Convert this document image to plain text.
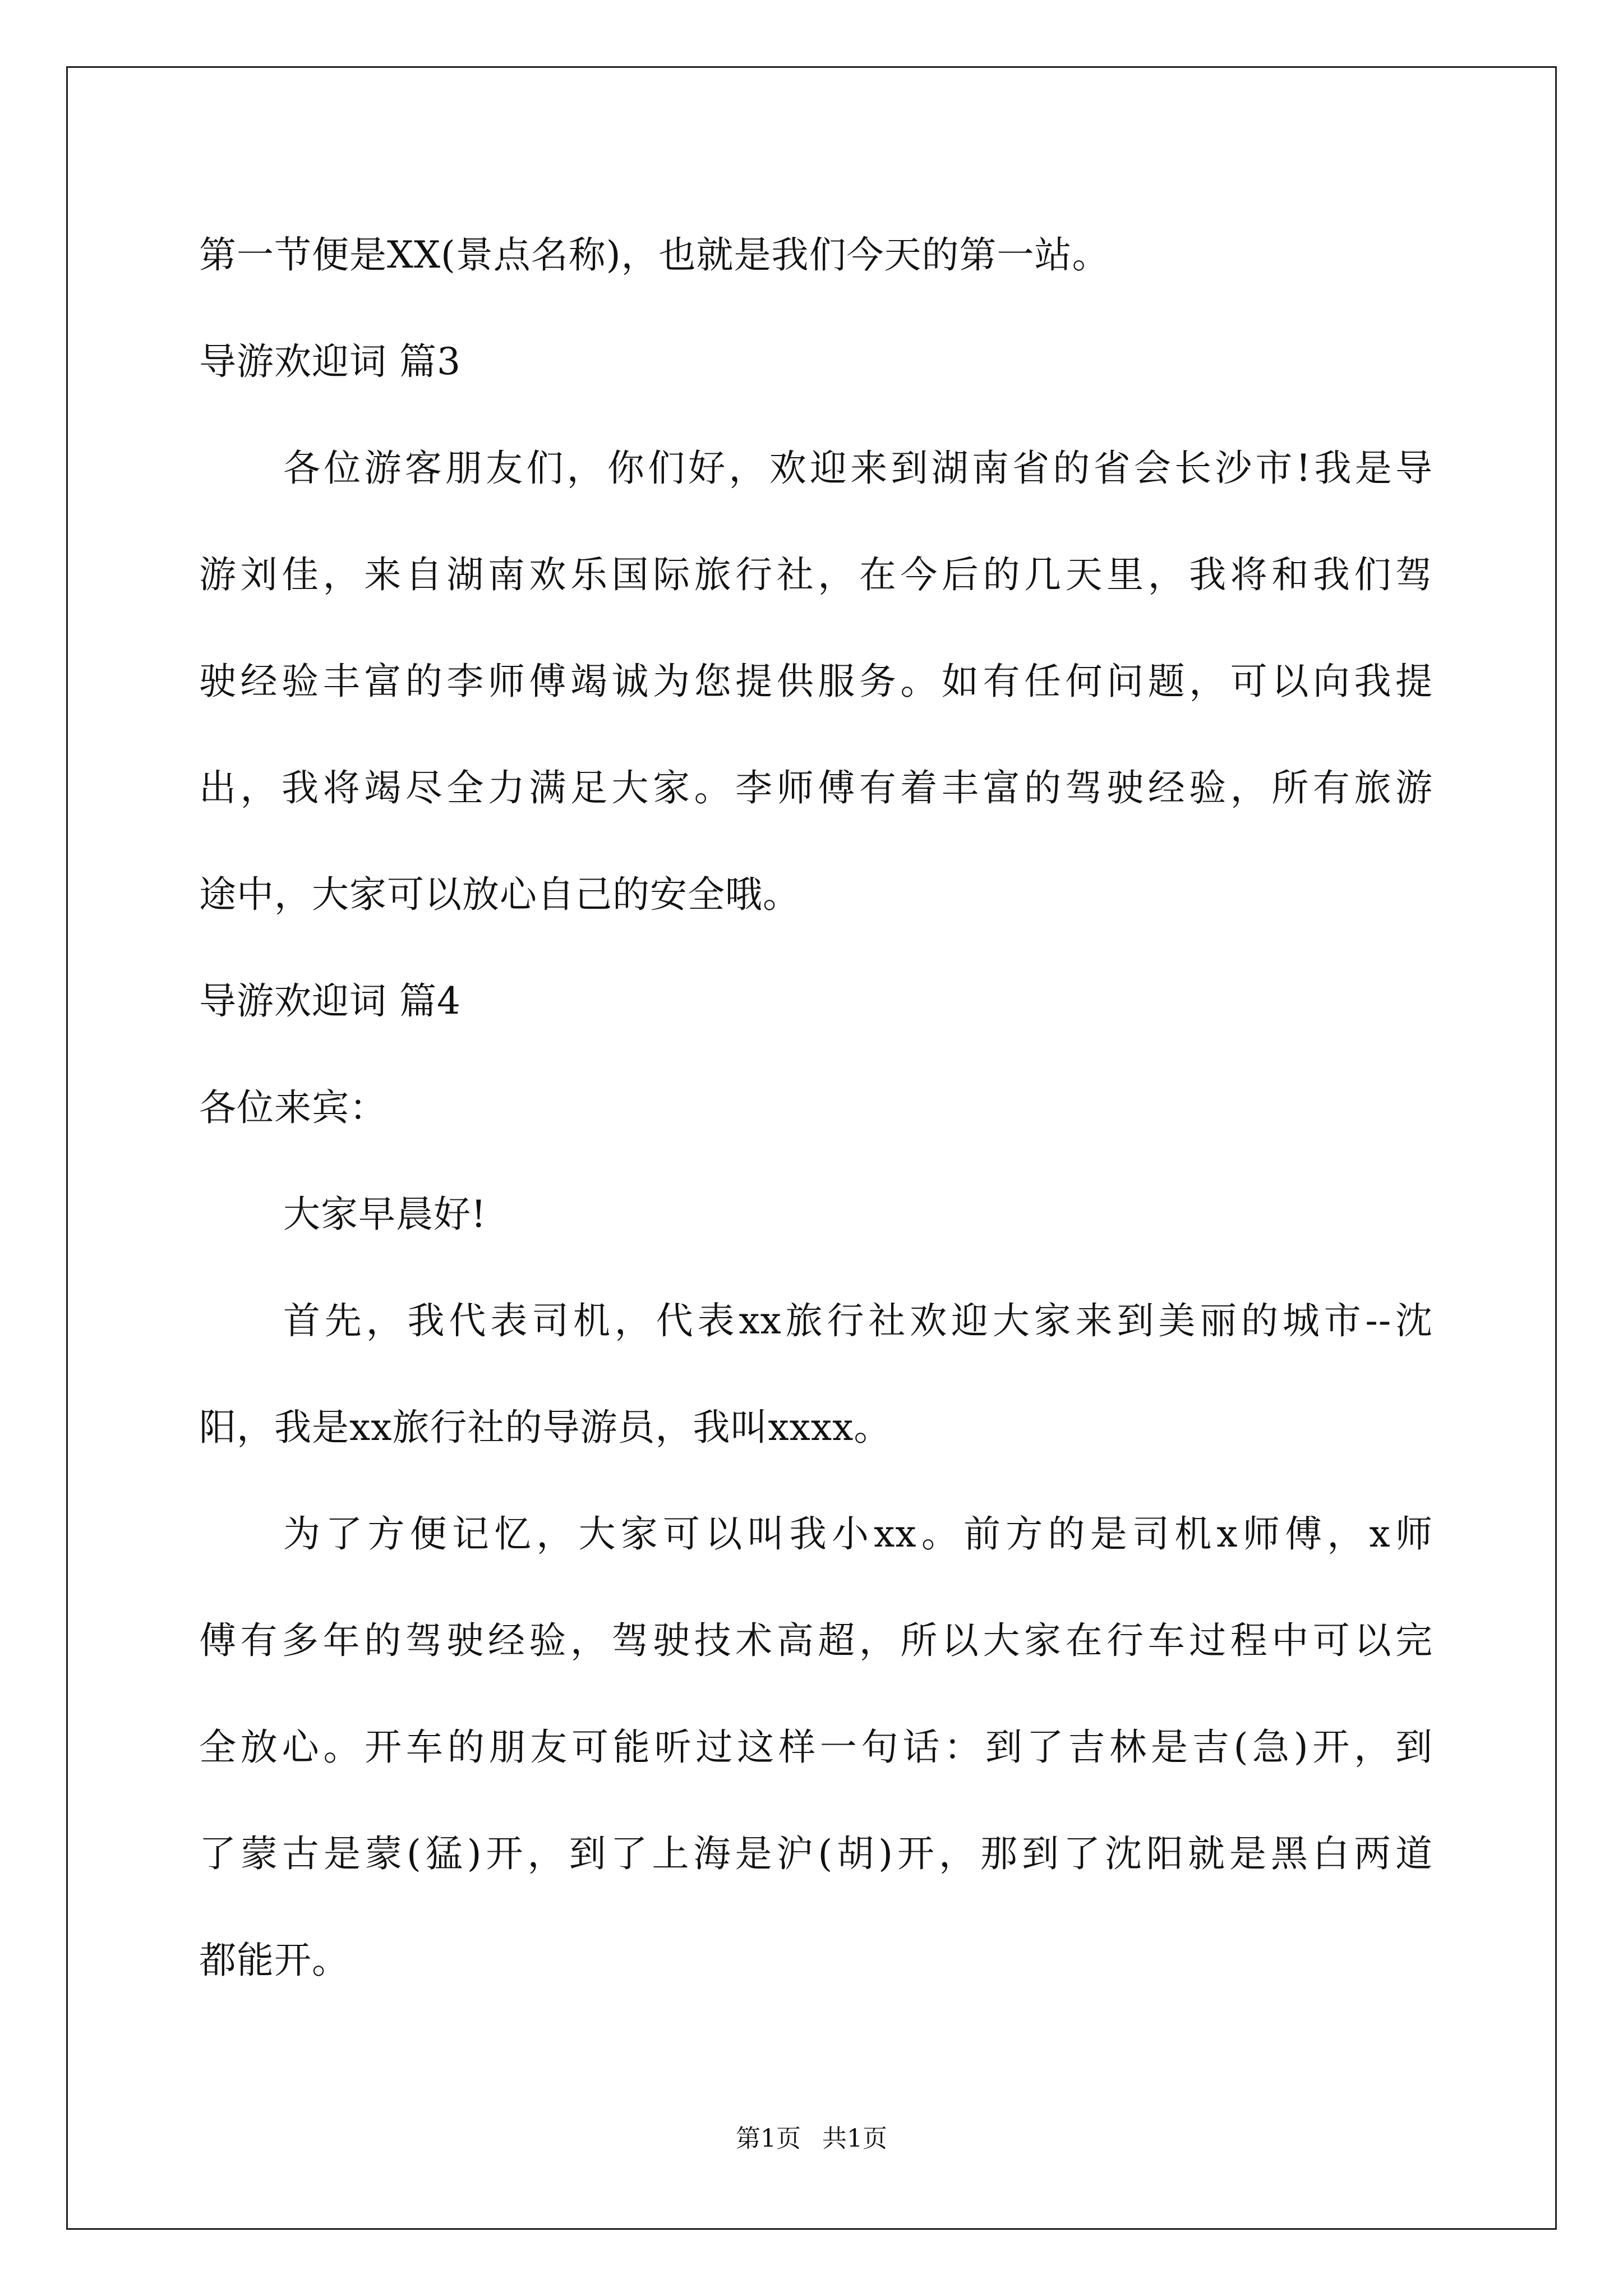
第一节便是XX(景点名称)，也就是我们今天的第一站。
导游欢迎词 篇3
各位游客朋友们，你们好，欢迎来到湖南省的省会长沙市!我是导
游刘佳，来自湖南欢乐国际旅行社，在今后的几天里，我将和我们驾
驶经验丰富的李师傅竭诚为您提供服务。如有任何问题，可以向我提
出，我将竭尽全力满足大家。李师傅有着丰富的驾驶经验，所有旅游
途中，大家可以放心自己的安全哦。
导游欢迎词 篇4
各位来宾：
大家早晨好!
首先，我代表司机，代表xx旅行社欢迎大家来到美丽的城市--沈
阳，我是xx旅行社的导游员，我叫xxxx。
为了方便记忆，大家可以叫我小xx。前方的是司机x师傅，x师
傅有多年的驾驶经验，驾驶技术高超，所以大家在行车过程中可以完
全放心。开车的朋友可能听过这样一句话：到了吉林是吉(急)开，到
了蒙古是蒙(猛)开，到了上海是沪(胡)开，那到了沈阳就是黑白两道
都能开。
第1页 共1页
